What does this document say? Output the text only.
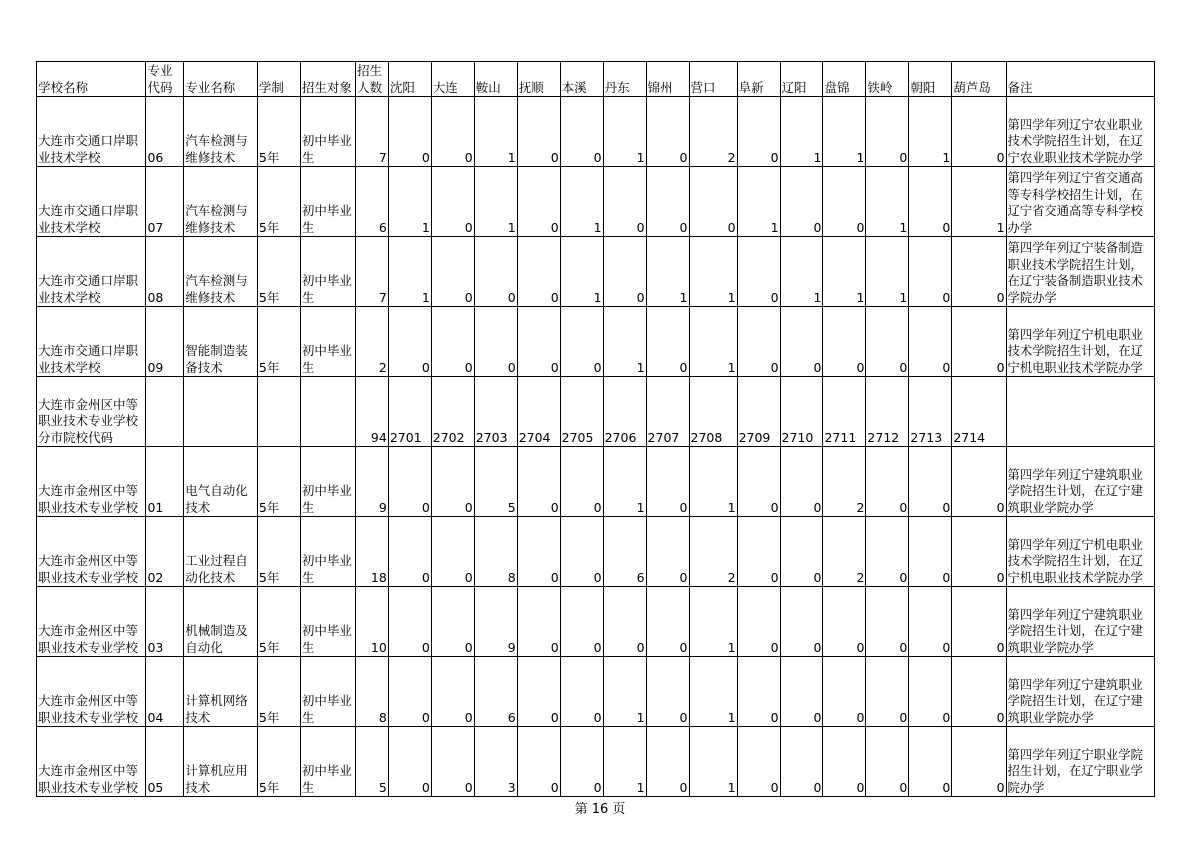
学校名称	专业代码	专业名称	学制	招生对象	招生人数	沈阳	大连	鞍山	抚顺	本溪	丹东	锦州	营口	阜新	辽阳	盘锦	铁岭	朝阳	葫芦岛	备注
大连市交通口岸职业技术学校	06	汽车检测与维修技术	5年	初中毕业生	7	0	0	1	0	0	1	0	2	0	1	1	0	1	0	第四学年列辽宁农业职业技术学院招生计划，在辽宁农业职业技术学院办学
大连市交通口岸职业技术学校	07	汽车检测与维修技术	5年	初中毕业生	6	1	0	1	0	1	0	0	0	1	0	0	1	0	1	第四学年列辽宁省交通高等专科学校招生计划，在辽宁省交通高等专科学校办学
大连市交通口岸职业技术学校	08	汽车检测与维修技术	5年	初中毕业生	7	1	0	0	0	1	0	1	1	0	1	1	1	0	0	第四学年列辽宁装备制造职业技术学院招生计划，在辽宁装备制造职业技术学院办学
大连市交通口岸职业技术学校	09	智能制造装备技术	5年	初中毕业生	2	0	0	0	0	0	1	0	1	0	0	0	0	0	0	第四学年列辽宁机电职业技术学院招生计划，在辽宁机电职业技术学院办学
大连市金州区中等职业技术专业学校分市院校代码					94	2701	2702	2703	2704	2705	2706	2707	2708	2709	2710	2711	2712	2713	2714	
大连市金州区中等职业技术专业学校	01	电气自动化技术	5年	初中毕业生	9	0	0	5	0	0	1	0	1	0	0	2	0	0	0	第四学年列辽宁建筑职业学院招生计划，在辽宁建筑职业学院办学
大连市金州区中等职业技术专业学校	02	工业过程自动化技术	5年	初中毕业生	18	0	0	8	0	0	6	0	2	0	0	2	0	0	0	第四学年列辽宁机电职业技术学院招生计划，在辽宁机电职业技术学院办学
大连市金州区中等职业技术专业学校	03	机械制造及自动化	5年	初中毕业生	10	0	0	9	0	0	0	0	1	0	0	0	0	0	0	第四学年列辽宁建筑职业学院招生计划，在辽宁建筑职业学院办学
大连市金州区中等职业技术专业学校	04	计算机网络技术	5年	初中毕业生	8	0	0	6	0	0	1	0	1	0	0	0	0	0	0	第四学年列辽宁建筑职业学院招生计划，在辽宁建筑职业学院办学
大连市金州区中等职业技术专业学校	05	计算机应用技术	5年	初中毕业生	5	0	0	3	0	0	1	0	1	0	0	0	0	0	0	第四学年列辽宁职业学院招生计划，在辽宁职业学院办学
第 16 页
